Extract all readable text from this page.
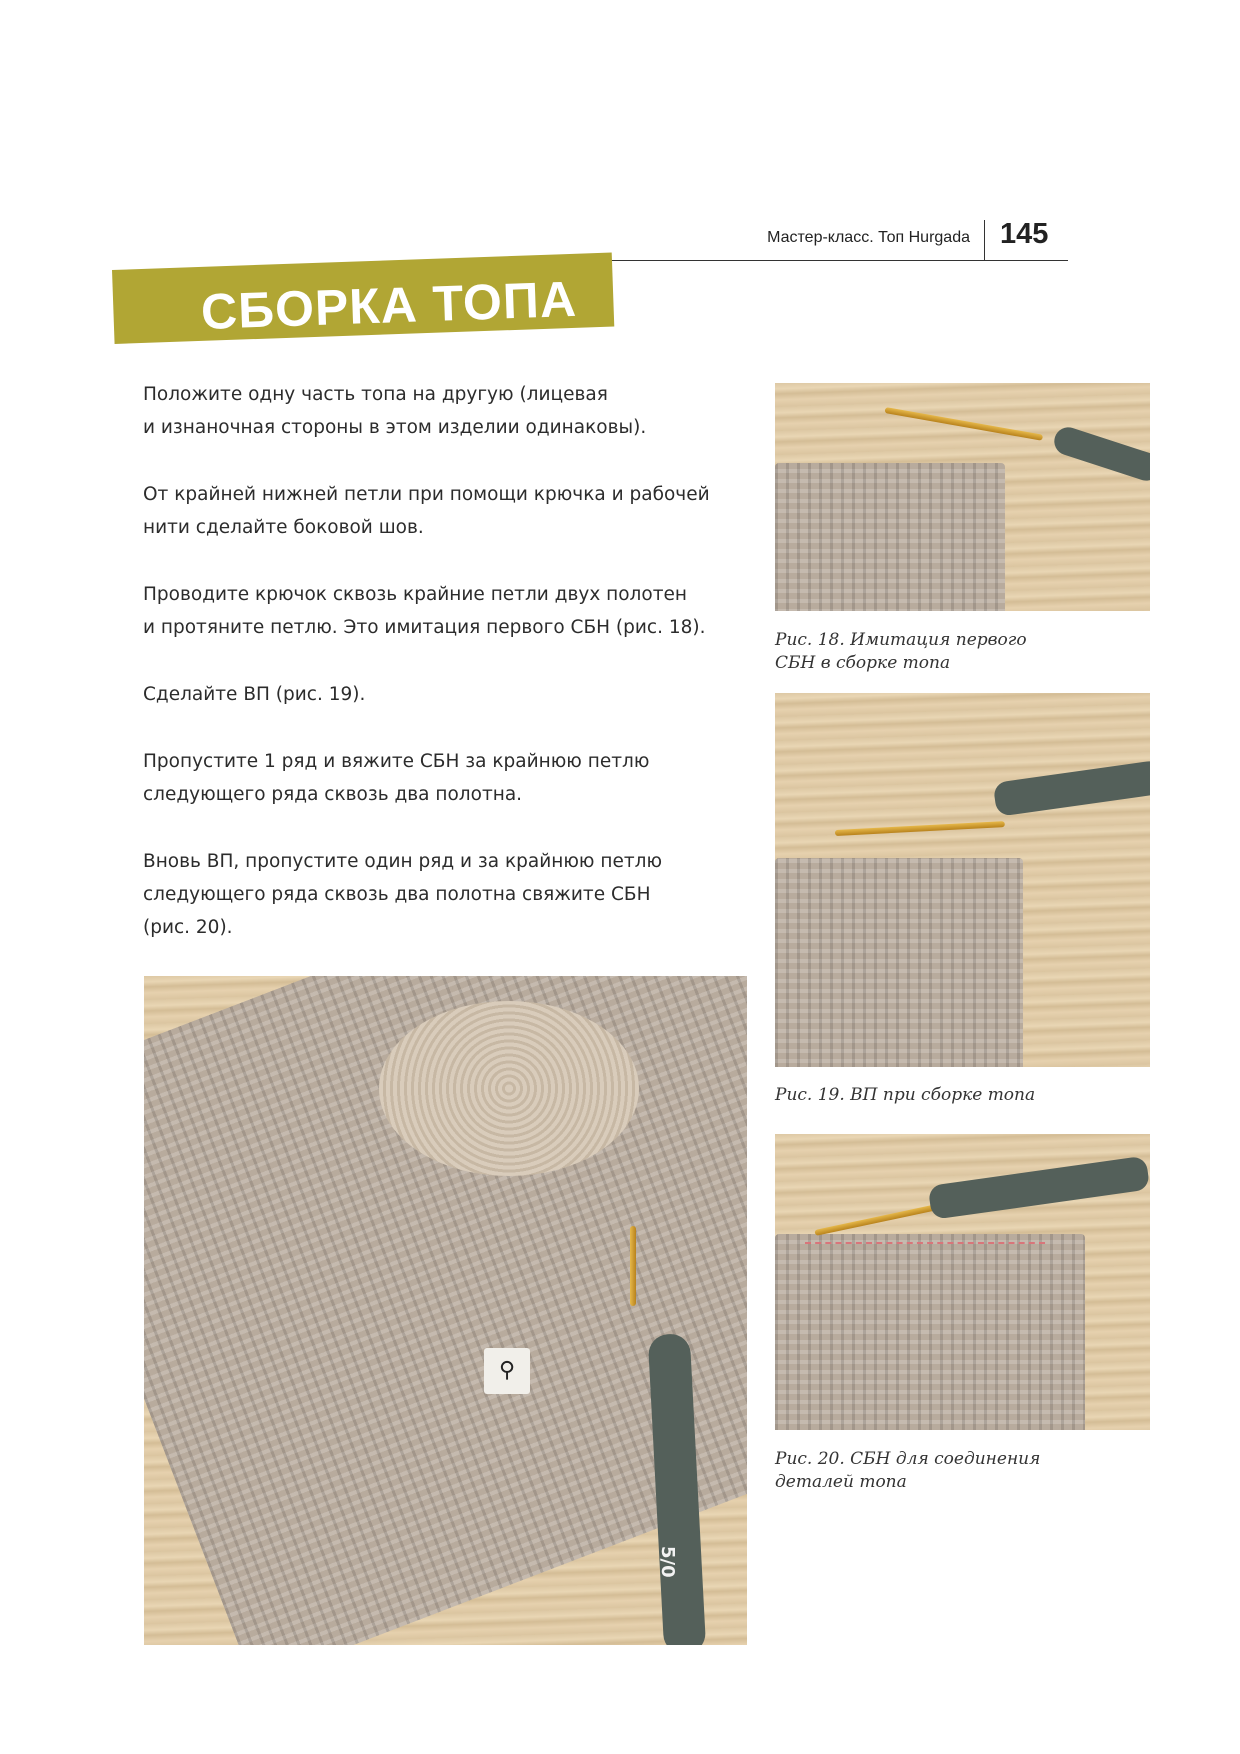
Мастер-класс. Топ Hurgada 145
СБОРКА ТОПА

Положите одну часть топа на другую (лицевая
и изнаночная стороны в этом изделии одинаковы).

От крайней нижней петли при помощи крючка и рабочей
нити сделайте боковой шов.

Проводите крючок сквозь крайние петли двух полотен
и протяните петлю. Это имитация первого СБН (рис. 18).

Сделайте ВП (рис. 19).

Пропустите 1 ряд и вяжите СБН за крайнюю петлю
следующего ряда сквозь два полотна.

Вновь ВП, пропустите один ряд и за крайнюю петлю
следующего ряда сквозь два полотна свяжите СБН
(рис. 20).

Рис. 18. Имитация первого
СБН в сборке топа
Рис. 19. ВП при сборке топа
Рис. 20. СБН для соединения
деталей топа
⚲
5/0
